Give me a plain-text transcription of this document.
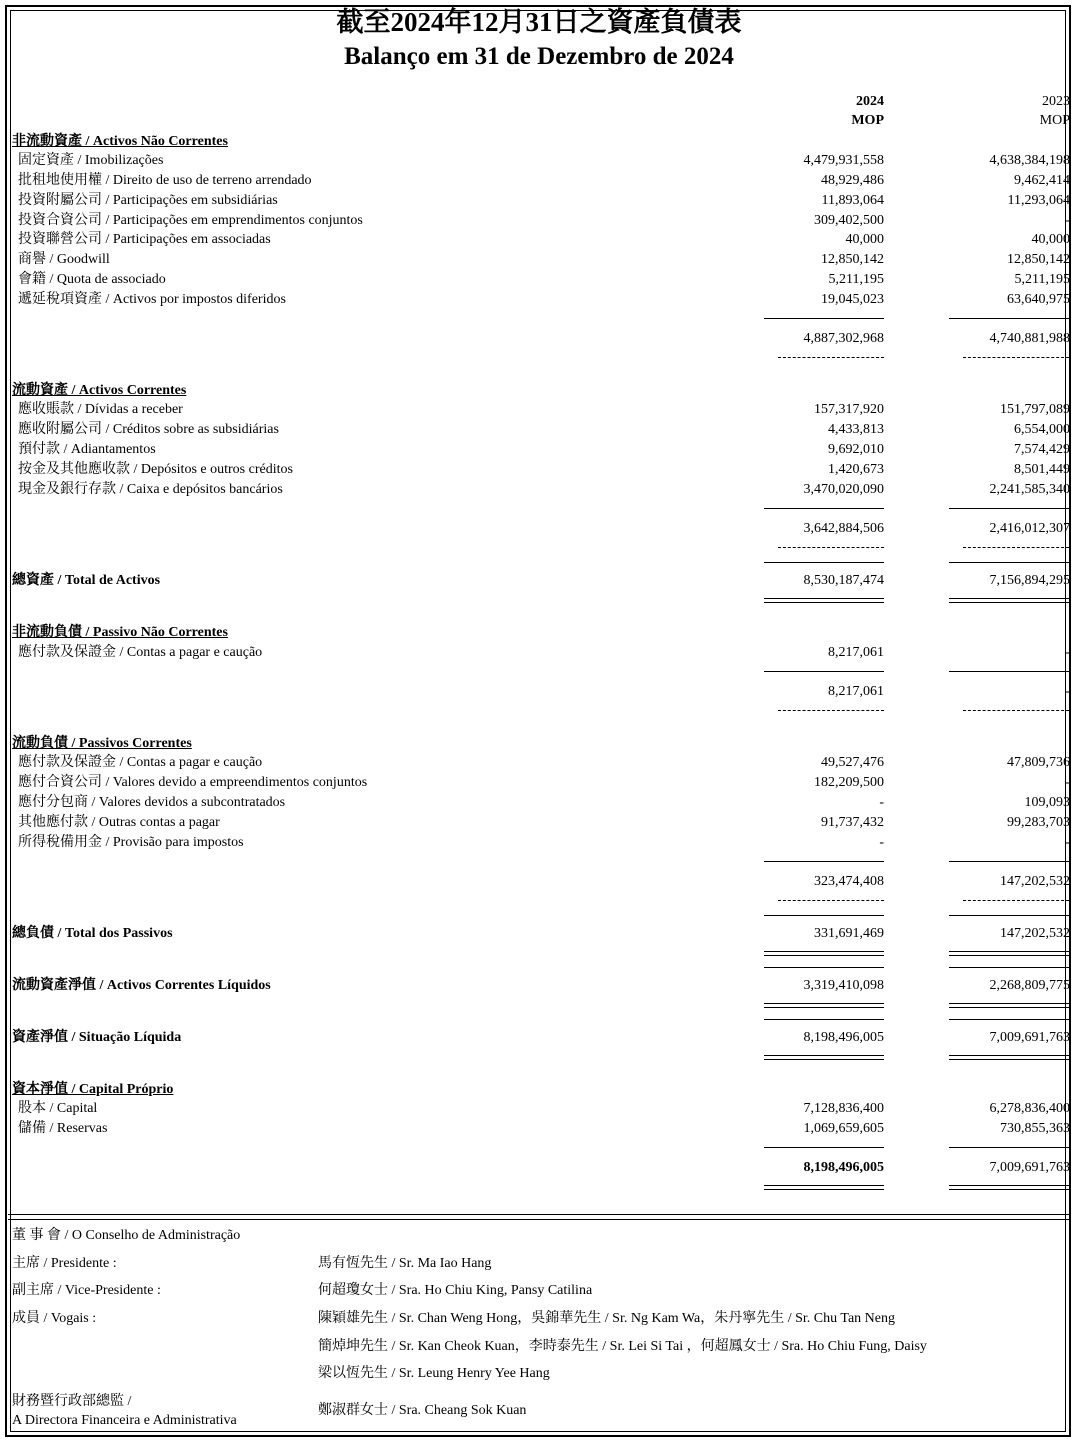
截至2024年12月31日之資產負債表
Balanço em 31 de Dezembro de 2024
2024
MOP
2023
MOP
非流動資產 / Activos Não Correntes
固定資產 / Imobilizações	4,479,931,558	4,638,384,198
批租地使用權 / Direito de uso de terreno arrendado	48,929,486	9,462,414
投資附屬公司 / Participações em subsidiárias	11,893,064	11,293,064
投資合資公司 / Participações em emprendimentos conjuntos	309,402,500	-
投資聯營公司 / Participações em associadas	40,000	40,000
商譽 / Goodwill	12,850,142	12,850,142
會籍 / Quota de associado	5,211,195	5,211,195
遞延稅項資產 / Activos por impostos diferidos	19,045,023	63,640,975
4,887,302,968	4,740,881,988
流動資產 / Activos Correntes
應收賬款 / Dívidas a receber	157,317,920	151,797,089
應收附屬公司 / Créditos sobre as subsidiárias	4,433,813	6,554,000
預付款 / Adiantamentos	9,692,010	7,574,429
按金及其他應收款 / Depósitos e outros créditos	1,420,673	8,501,449
現金及銀行存款 / Caixa e depósitos bancários	3,470,020,090	2,241,585,340
3,642,884,506	2,416,012,307
總資產 / Total de Activos	8,530,187,474	7,156,894,295
非流動負債 / Passivo Não Correntes
應付款及保證金 / Contas a pagar e caução	8,217,061	-
8,217,061	-
流動負債 / Passivos Correntes
應付款及保證金 / Contas a pagar e caução	49,527,476	47,809,736
應付合資公司 / Valores devido a empreendimentos conjuntos	182,209,500	-
應付分包商 / Valores devidos a subcontratados	-	109,093
其他應付款 / Outras contas a pagar	91,737,432	99,283,703
所得稅備用金 / Provisão para impostos	-	-
323,474,408	147,202,532
總負債 / Total dos Passivos	331,691,469	147,202,532
流動資產淨值 / Activos Correntes Líquidos	3,319,410,098	2,268,809,775
資產淨值 / Situação Líquida	8,198,496,005	7,009,691,763
資本淨值 / Capital Próprio
股本 / Capital	7,128,836,400	6,278,836,400
儲備 / Reservas	1,069,659,605	730,855,363
8,198,496,005	7,009,691,763
董 事 會 / O Conselho de Administração
主席 / Presidente :	馬有恆先生 / Sr. Ma Iao Hang
副主席 / Vice-Presidente :	何超瓊女士 / Sra. Ho Chiu King, Pansy Catilina
成員 / Vogais :	陳穎雄先生 / Sr. Chan Weng Hong，吳錦華先生 / Sr. Ng Kam Wa，朱丹寧先生 / Sr. Chu Tan Neng
簡焯坤先生 / Sr. Kan Cheok Kuan，李時泰先生 / Sr. Lei Si Tai ，何超鳳女士 / Sra. Ho Chiu Fung, Daisy
梁以恆先生 / Sr. Leung Henry Yee Hang
財務暨行政部總監 /
A Directora Financeira e Administrativa
鄭淑群女士 / Sra. Cheang Sok Kuan
